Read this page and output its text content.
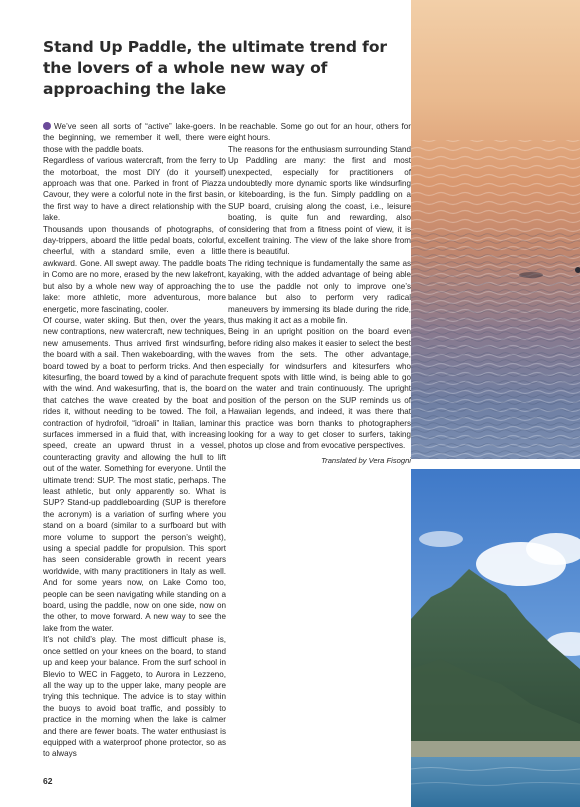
Stand Up Paddle, the ultimate trend for the lovers of a whole new way of approaching the lake

We’ve seen all sorts of “active” lake-goers. In the beginning, we remember it well, there were those with the paddle boats.

Regardless of various watercraft, from the ferry to the motorboat, the most DIY (do it yourself) approach was that one. Parked in front of Piazza Cavour, they were a colorful note in the first basin, the first way to have a direct relationship with the lake.

Thousands upon thousands of photographs, of day-trippers, aboard the little pedal boats, colorful, cheerful, with a standard smile, even a little awkward. Gone. All swept away. The paddle boats in Como are no more, erased by the new lakefront, but also by a whole new way of approaching the lake: more athletic, more adventurous, more energetic, more fascinating, cooler.

Of course, water skiing. But then, over the years, new contraptions, new watercraft, new techniques, new amusements. Thus arrived first windsurfing, the board with a sail. Then wakeboarding, with the board towed by a boat to perform tricks. And then kitesurfing, the board towed by a kind of parachute with the wind. And wakesurfing, that is, the board that catches the wave created by the boat and rides it, without needing to be towed. The foil, a contraction of hydrofoil, “idroali” in Italian, laminar surfaces immersed in a fluid that, with increasing speed, create an upward thrust in a vessel, counteracting gravity and allowing the hull to lift out of the water. Something for everyone. Until the ultimate trend: SUP. The most static, perhaps. The least athletic, but only apparently so. What is SUP? Stand-up paddleboarding (SUP is therefore the acronym) is a variation of surfing where you stand on a board (similar to a surfboard but with more volume to support the person’s weight), using a special paddle for propulsion. This sport has seen considerable growth in recent years worldwide, with many practitioners in Italy as well. And for some years now, on Lake Como too, people can be seen navigating while standing on a board, using the paddle, now on one side, now on the other, to move forward. A new way to see the lake from the water.

It’s not child’s play. The most difficult phase is, once settled on your knees on the board, to stand up and keep your balance. From the surf school in Blevio to WEC in Faggeto, to Aurora in Lezzeno, all the way up to the upper lake, many people are trying this technique. The advice is to stay within the buoys to avoid boat traffic, and possibly to practice in the morning when the lake is calmer and there are fewer boats. The water enthusiast is equipped with a waterproof phone protector, so as to always

be reachable. Some go out for an hour, others for eight hours.

The reasons for the enthusiasm surrounding Stand Up Paddling are many: the first and most unexpected, especially for practitioners of undoubtedly more dynamic sports like windsurfing or kiteboarding, is the fun. Simply paddling on a SUP board, cruising along the coast, i.e., leisure boating, is quite fun and rewarding, also considering that from a fitness point of view, it is excellent training. The view of the lake shore from there is beautiful.

The riding technique is fundamentally the same as kayaking, with the added advantage of being able to use the paddle not only to improve one’s balance but also to perform very radical maneuvers by immersing its blade during the ride, thus making it act as a mobile fin.

Being in an upright position on the board even before riding also makes it easier to select the best waves from the sets. The other advantage, especially for windsurfers and kitesurfers who frequent spots with little wind, is being able to go on the water and train continuously. The upright position of the person on the SUP reminds us of Hawaiian legends, and indeed, it was there that this practice was born thanks to photographers looking for a way to get closer to surfers, taking photos up close and from evocative perspectives.

Translated by Vera Fisogni

62
